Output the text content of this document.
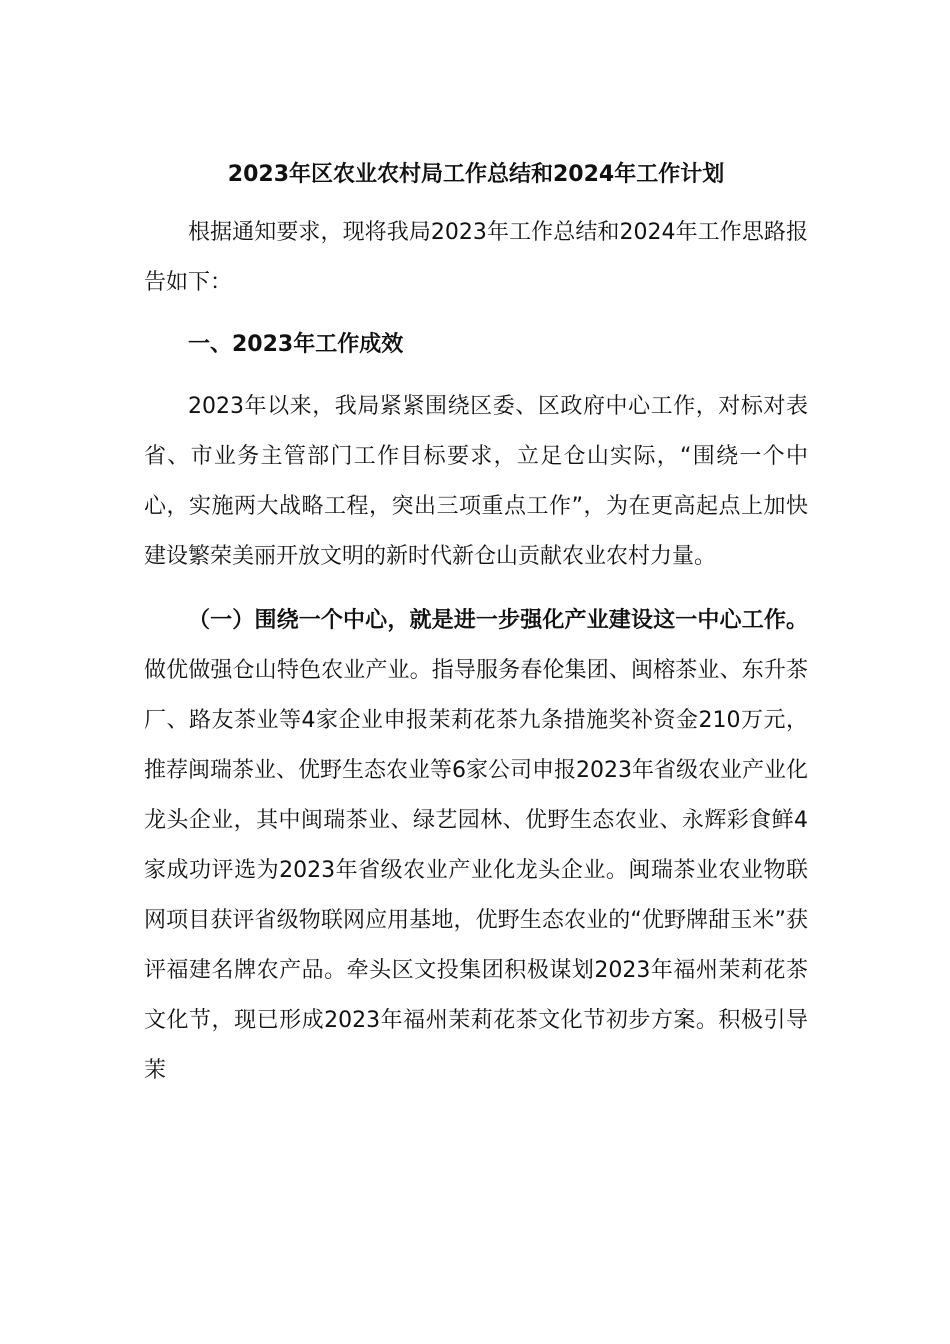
2023年区农业农村局工作总结和2024年工作计划

根据通知要求，现将我局2023年工作总结和2024年工作思路报告如下：

一、2023年工作成效

2023年以来，我局紧紧围绕区委、区政府中心工作，对标对表省、市业务主管部门工作目标要求，立足仓山实际，“围绕一个中心，实施两大战略工程，突出三项重点工作”，为在更高起点上加快建设繁荣美丽开放文明的新时代新仓山贡献农业农村力量。

（一）围绕一个中心，就是进一步强化产业建设这一中心工作。做优做强仓山特色农业产业。指导服务春伦集团、闽榕茶业、东升茶厂、路友茶业等4家企业申报茉莉花茶九条措施奖补资金210万元，推荐闽瑞茶业、优野生态农业等6家公司申报2023年省级农业产业化龙头企业，其中闽瑞茶业、绿艺园林、优野生态农业、永辉彩食鲜4家成功评选为2023年省级农业产业化龙头企业。闽瑞茶业农业物联网项目获评省级物联网应用基地，优野生态农业的“优野牌甜玉米”获评福建名牌农产品。牵头区文投集团积极谋划2023年福州茉莉花茶文化节，现已形成2023年福州茉莉花茶文化节初步方案。积极引导茉
